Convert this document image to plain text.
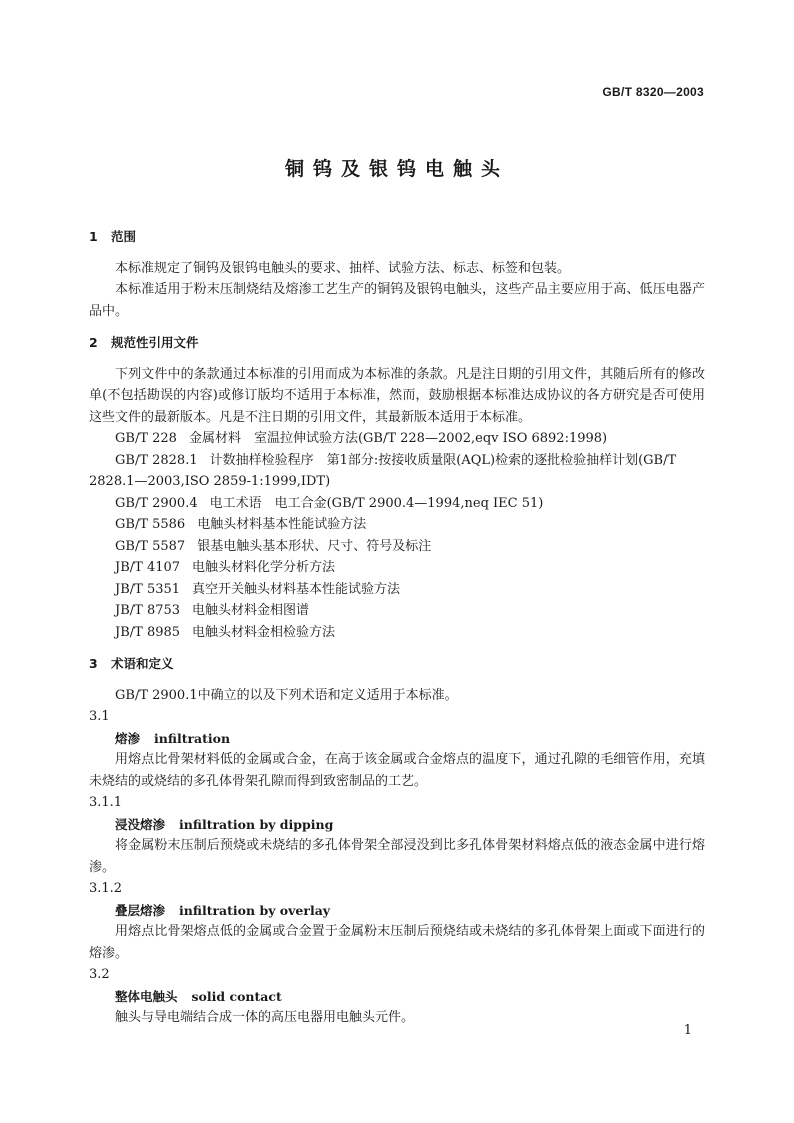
GB/T 8320—2003
铜钨及银钨电触头

1 范围

本标准规定了铜钨及银钨电触头的要求、抽样、试验方法、标志、标签和包装。

本标准适用于粉末压制烧结及熔渗工艺生产的铜钨及银钨电触头，这些产品主要应用于高、低压电器产品中。

2 规范性引用文件

下列文件中的条款通过本标准的引用而成为本标准的条款。凡是注日期的引用文件，其随后所有的修改单(不包括勘误的内容)或修订版均不适用于本标准，然而，鼓励根据本标准达成协议的各方研究是否可使用这些文件的最新版本。凡是不注日期的引用文件，其最新版本适用于本标准。

GB/T 228 金属材料　室温拉伸试验方法(GB/T 228—2002,eqv ISO 6892:1998)
GB/T 2828.1 计数抽样检验程序　第1部分:按接收质量限(AQL)检索的逐批检验抽样计划(GB/T 2828.1—2003,ISO 2859-1:1999,IDT)
GB/T 2900.4 电工术语　电工合金(GB/T 2900.4—1994,neq IEC 51)
GB/T 5586 电触头材料基本性能试验方法
GB/T 5587 银基电触头基本形状、尺寸、符号及标注
JB/T 4107 电触头材料化学分析方法
JB/T 5351 真空开关触头材料基本性能试验方法
JB/T 8753 电触头材料金相图谱
JB/T 8985 电触头材料金相检验方法

3 术语和定义

GB/T 2900.1中确立的以及下列术语和定义适用于本标准。

3.1

熔渗 infiltration

用熔点比骨架材料低的金属或合金，在高于该金属或合金熔点的温度下，通过孔隙的毛细管作用，充填未烧结的或烧结的多孔体骨架孔隙而得到致密制品的工艺。

3.1.1

浸没熔渗 infiltration by dipping

将金属粉末压制后预烧或未烧结的多孔体骨架全部浸没到比多孔体骨架材料熔点低的液态金属中进行熔渗。

3.1.2

叠层熔渗 infiltration by overlay

用熔点比骨架熔点低的金属或合金置于金属粉末压制后预烧结或未烧结的多孔体骨架上面或下面进行的熔渗。

3.2

整体电触头 solid contact

触头与导电端结合成一体的高压电器用电触头元件。

1
